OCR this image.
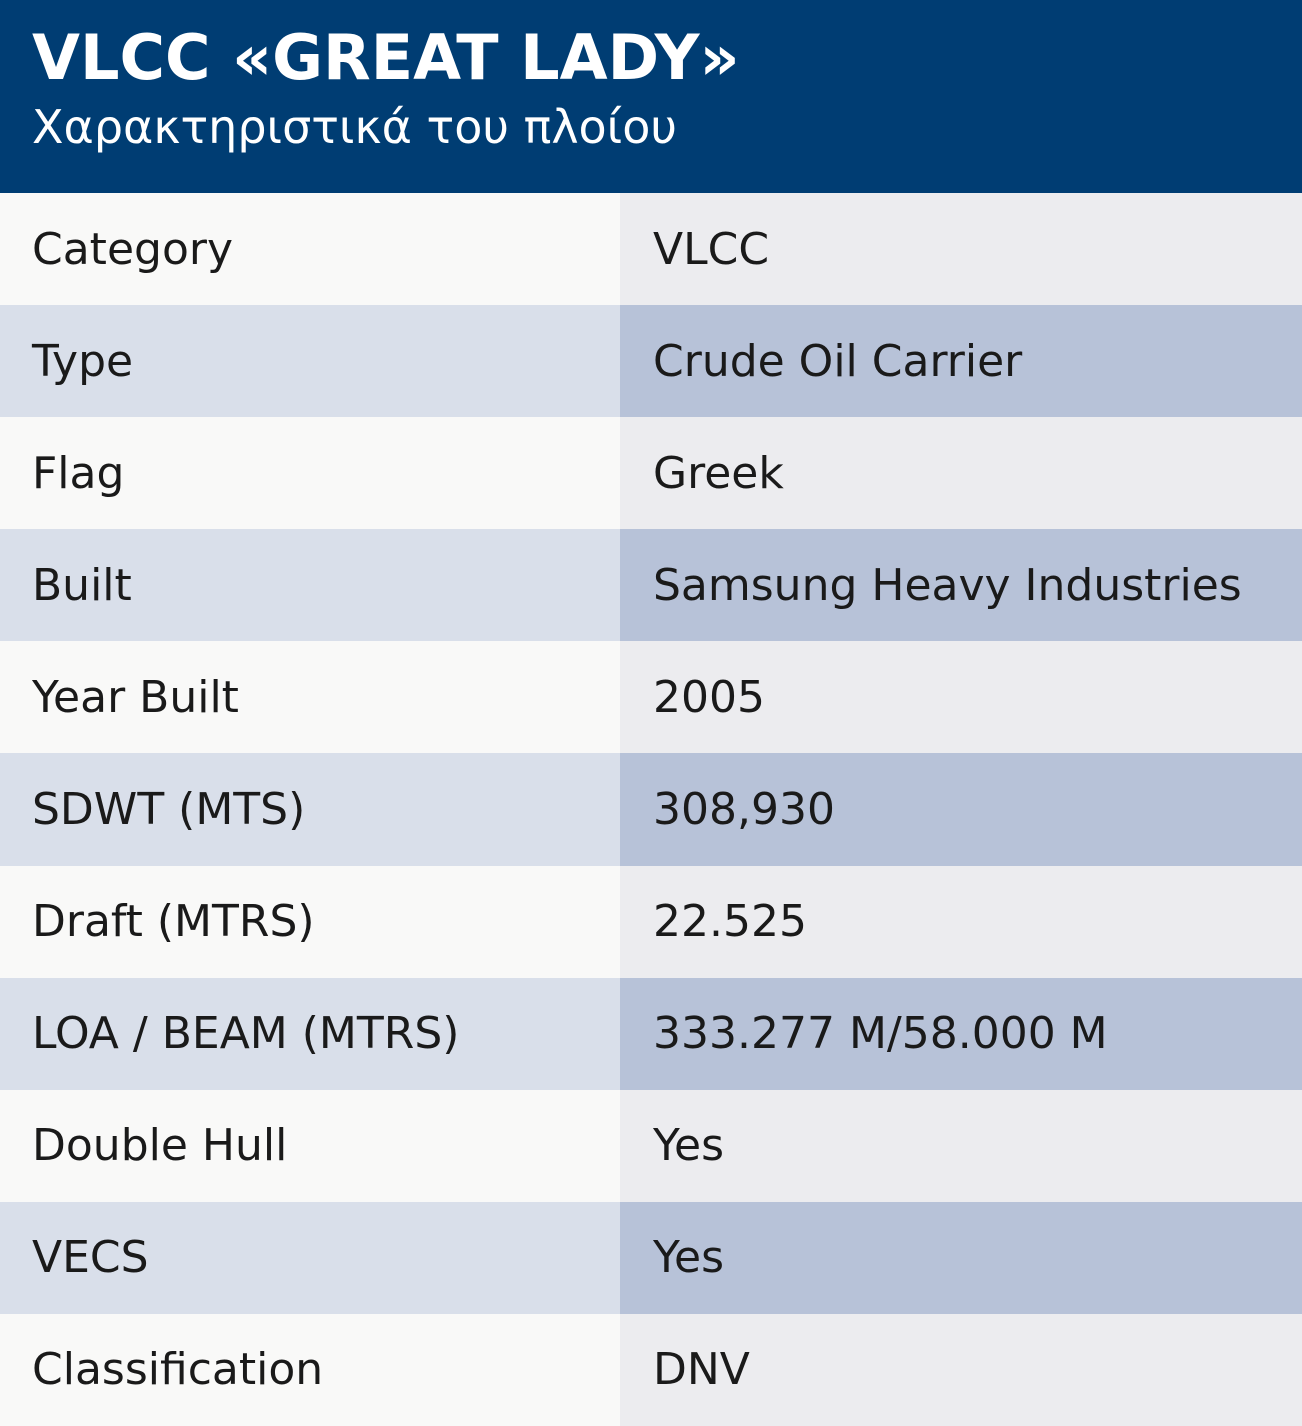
VLCC «GREAT LADY»
Χαρακτηριστικά του πλοίου
Category	VLCC
Type	Crude Oil Carrier
Flag	Greek
Built	Samsung Heavy Industries
Year Built	2005
SDWT (MTS)	308,930
Draft (MTRS)	22.525
LOA / BEAM (MTRS)	333.277 M/58.000 M
Double Hull	Yes
VECS	Yes
Classification	DNV
